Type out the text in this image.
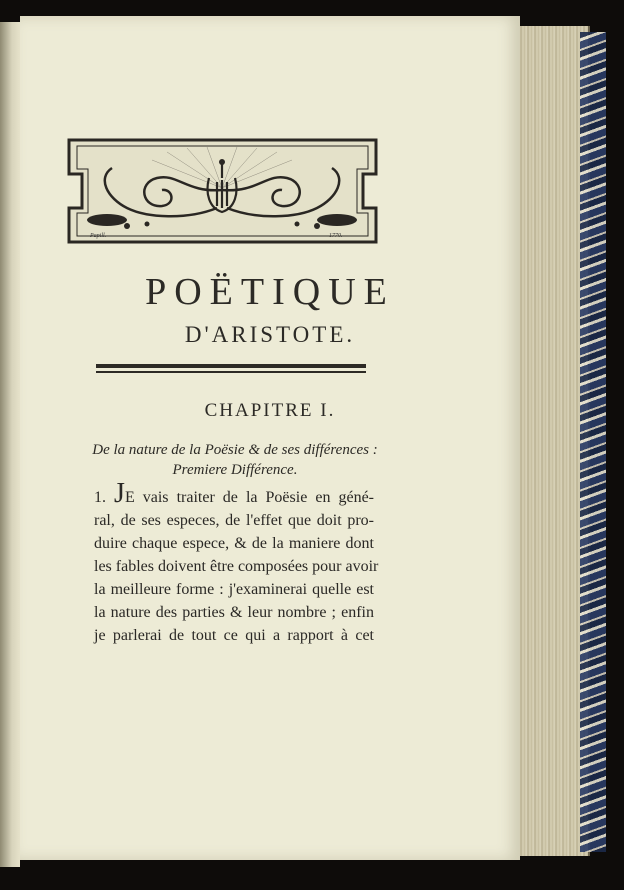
Papill.	1770.
POËTIQUE
D'ARISTOTE.
CHAPITRE I.
De la nature de la Poësie & de ses différences :
Premiere Différence.
1. JE vais traiter de la Poësie en géné-
ral, de ses especes, de l'effet que doit pro-
duire chaque espece, & de la maniere dont
les fables doivent être composées pour avoir
la meilleure forme : j'examinerai quelle est
la nature des parties & leur nombre ; enfin
je parlerai de tout ce qui a rapport à cet
